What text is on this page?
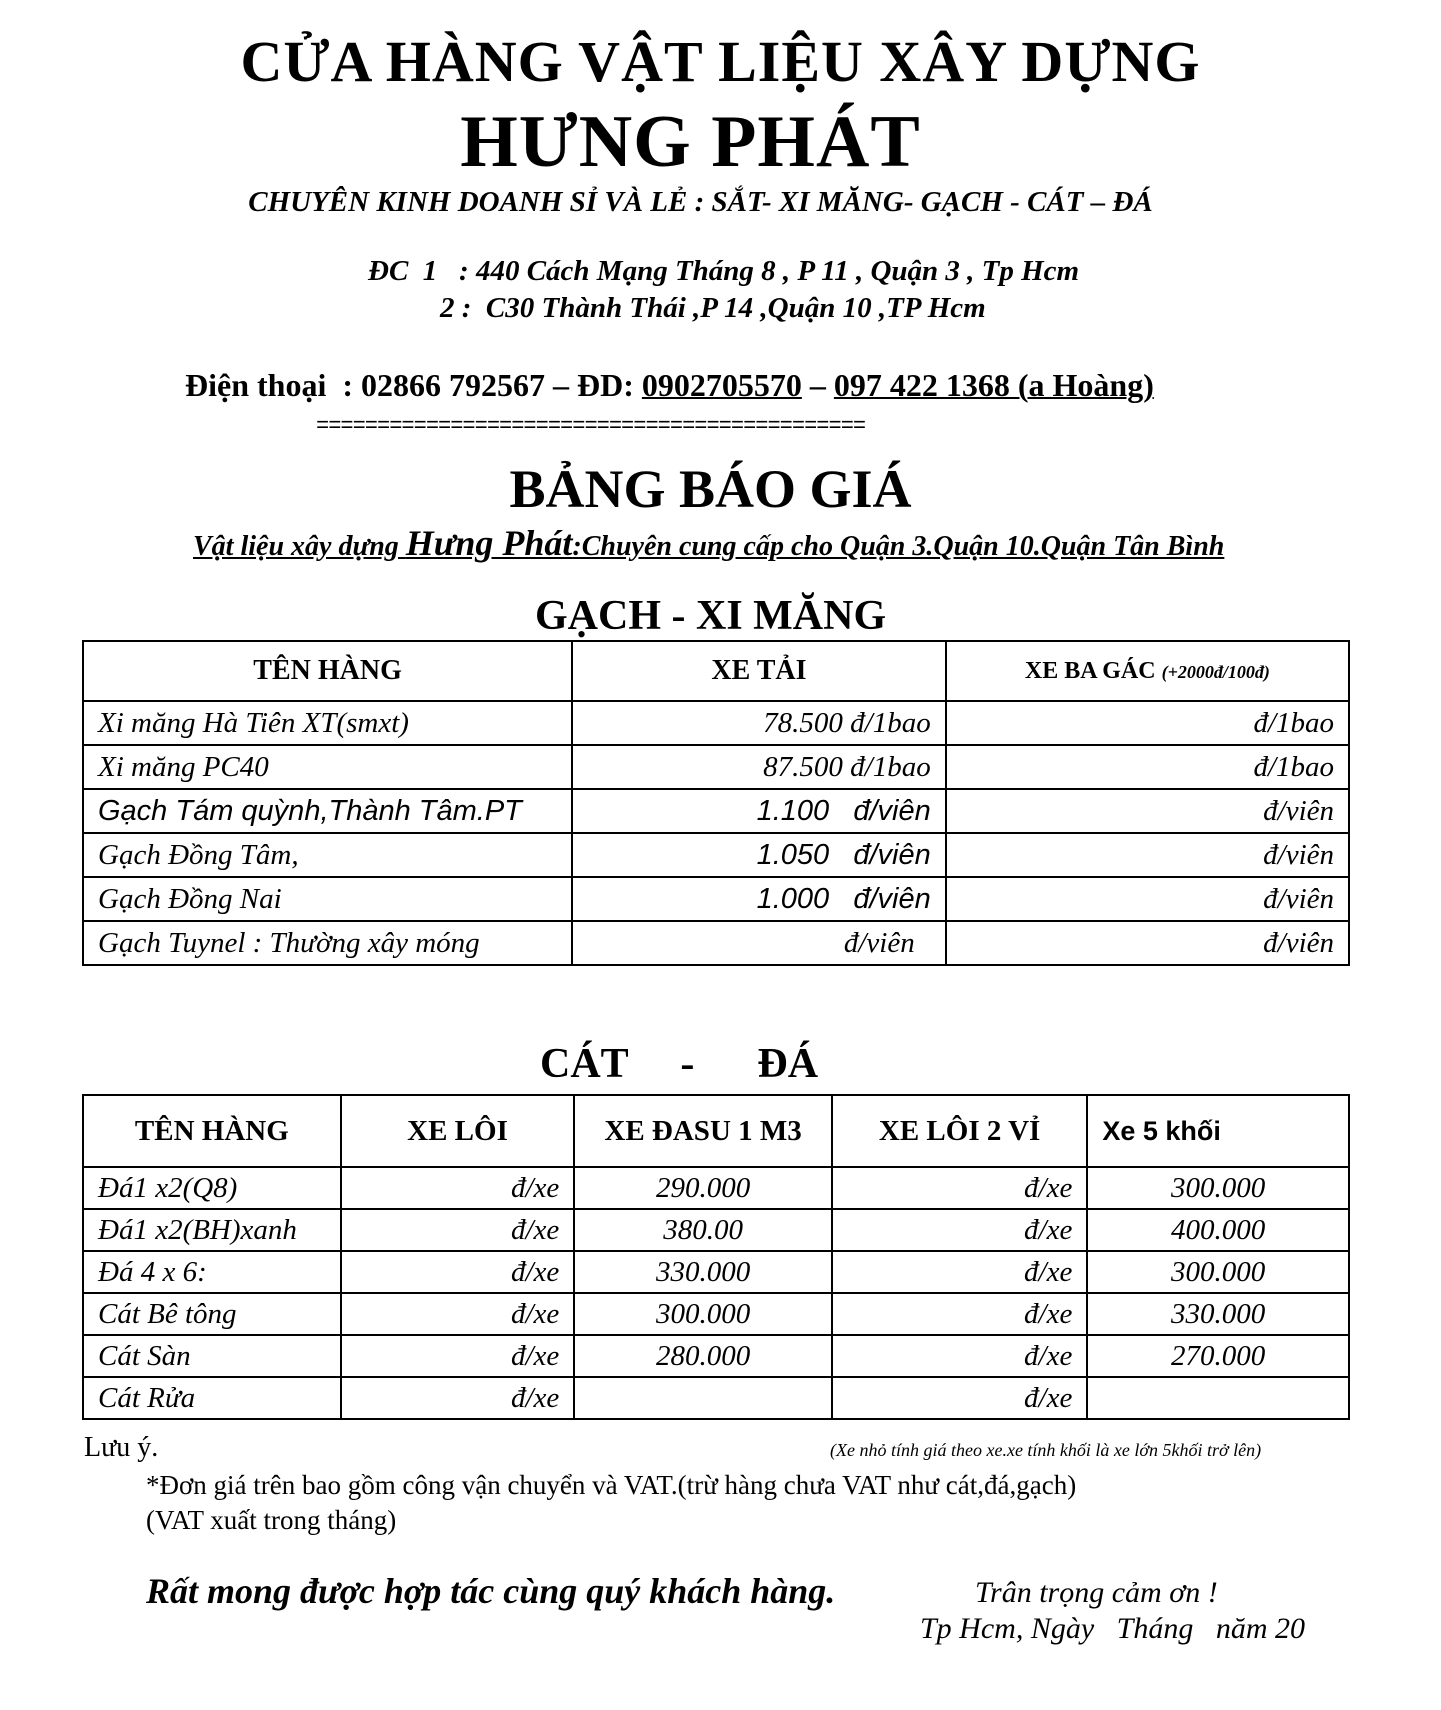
CỬA HÀNG VẬT LIỆU XÂY DỰNG
HƯNG PHÁT
CHUYÊN KINH DOANH SỈ VÀ LẺ : SẮT- XI MĂNG- GẠCH - CÁT – ĐÁ
ĐC  1   : 440 Cách Mạng Tháng 8 , P 11 , Quận 3 , Tp Hcm
2 :  C30 Thành Thái ,P 14 ,Quận 10 ,TP Hcm
Điện thoại  : 02866 792567 – ĐD: 0902705570 – 097 422 1368 (a Hoàng)
=============================================
BẢNG BÁO GIÁ
Vật liệu xây dựng Hưng Phát:Chuyên cung cấp cho Quận 3.Quận 10.Quận Tân Bình
GẠCH - XI MĂNG
TÊN HÀNG	XE TẢI	XE BA GÁC (+2000đ/100đ)
Xi măng Hà Tiên XT(smxt)	78.500 đ/1bao	đ/1bao
Xi măng PC40	87.500 đ/1bao	đ/1bao
Gạch Tám quỳnh,Thành Tâm.PT	1.100   đ/viên	đ/viên
Gạch Đồng Tâm,	1.050   đ/viên	đ/viên
Gạch Đồng Nai	1.000   đ/viên	đ/viên
Gạch Tuynel : Thường xây móng	đ/viên	đ/viên
CÁT     -      ĐÁ
TÊN HÀNG	XE LÔI	XE ĐASU 1 M3	XE LÔI 2 VỈ	Xe 5 khối
Đá1 x2(Q8)	đ/xe	290.000	đ/xe	300.000
Đá1 x2(BH)xanh	đ/xe	380.00	đ/xe	400.000
Đá 4 x 6:	đ/xe	330.000	đ/xe	300.000
Cát Bê tông	đ/xe	300.000	đ/xe	330.000
Cát Sàn	đ/xe	280.000	đ/xe	270.000
Cát Rửa	đ/xe		đ/xe	
Lưu ý.	(Xe nhỏ tính giá theo xe.xe tính khối là xe lớn 5khối trở lên)
*Đơn giá trên bao gồm công vận chuyển và VAT.(trừ hàng chưa VAT như cát,đá,gạch)
(VAT xuất trong tháng)
Rất mong được hợp tác cùng quý khách hàng.	Trân trọng cảm ơn !
Tp Hcm, Ngày   Tháng   năm 20
